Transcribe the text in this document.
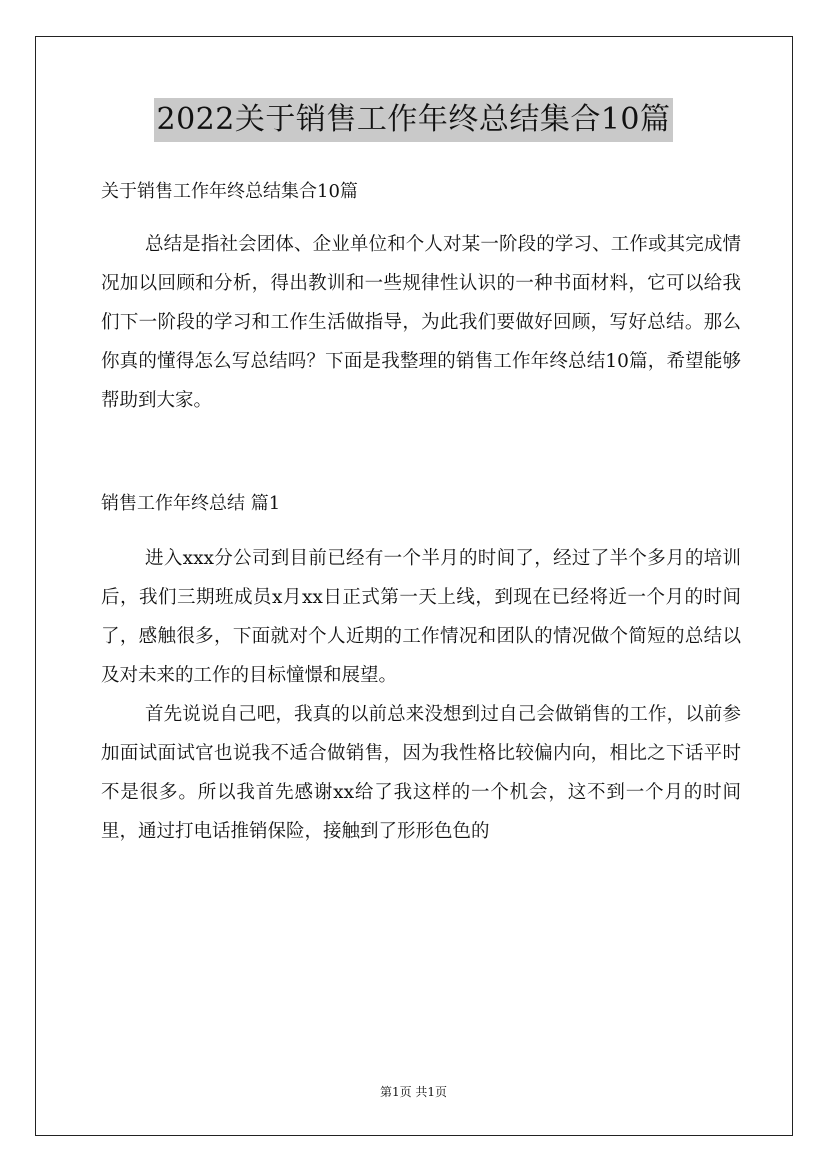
2022关于销售工作年终总结集合10篇

关于销售工作年终总结集合10篇

总结是指社会团体、企业单位和个人对某一阶段的学习、工作或其完成情况加以回顾和分析，得出教训和一些规律性认识的一种书面材料，它可以给我们下一阶段的学习和工作生活做指导，为此我们要做好回顾，写好总结。那么你真的懂得怎么写总结吗？下面是我整理的销售工作年终总结10篇，希望能够帮助到大家。

销售工作年终总结 篇1

进入xxx分公司到目前已经有一个半月的时间了，经过了半个多月的培训后，我们三期班成员x月xx日正式第一天上线，到现在已经将近一个月的时间了，感触很多，下面就对个人近期的工作情况和团队的情况做个简短的总结以及对未来的工作的目标憧憬和展望。

首先说说自己吧，我真的以前总来没想到过自己会做销售的工作，以前参加面试面试官也说我不适合做销售，因为我性格比较偏内向，相比之下话平时不是很多。所以我首先感谢xx给了我这样的一个机会，这不到一个月的时间里，通过打电话推销保险，接触到了形形色色的

第1页 共1页
